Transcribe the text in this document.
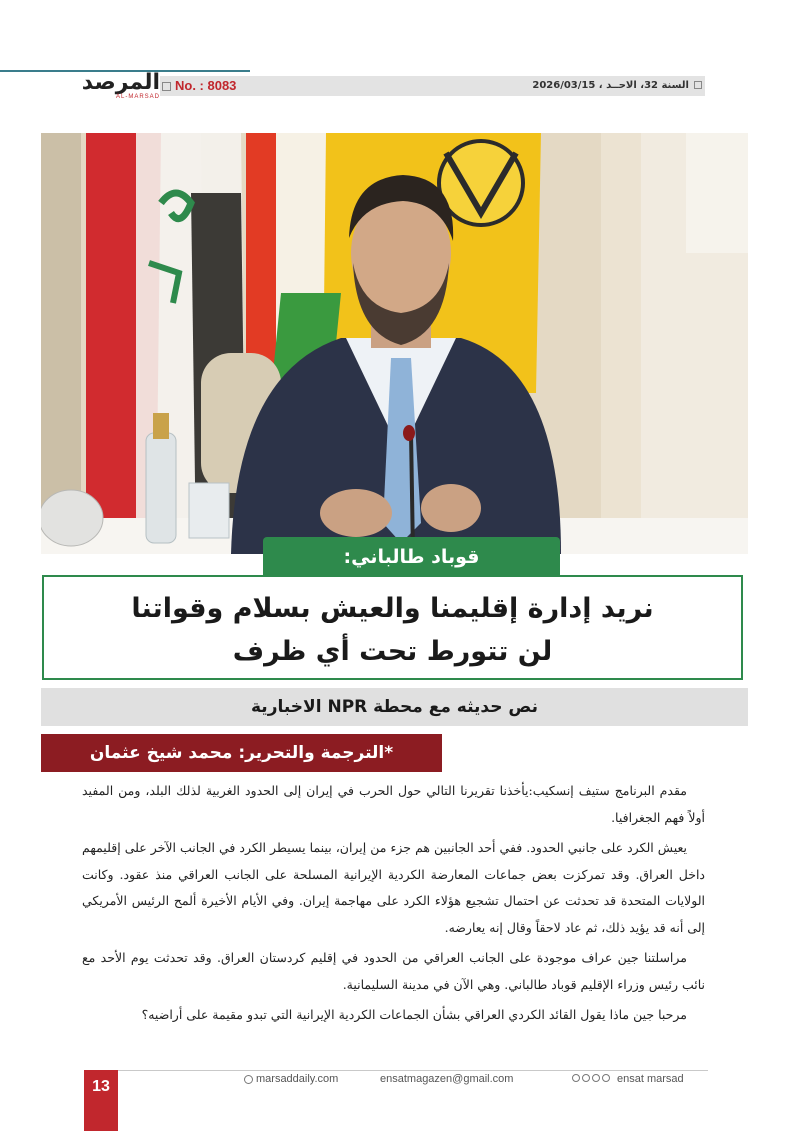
No. : 8083	السنة 32، الاحــد ، 2026/03/15
المرصد
AL-MARSAD
قوباد طالباني:
نريد إدارة إقليمنا والعيش بسلام وقواتنا
لن تتورط تحت أي ظرف
نص حديثه مع محطة NPR الاخبارية
*الترجمة والتحرير: محمد شيخ عثمان

مقدم البرنامج ستيف إنسكيب:يأخذنا تقريرنا التالي حول الحرب في إيران إلى الحدود الغربية لذلك البلد، ومن المفيد أولاً فهم الجغرافيا.

يعيش الكرد على جانبي الحدود. ففي أحد الجانبين هم جزء من إيران، بينما يسيطر الكرد في الجانب الآخر على إقليمهم داخل العراق. وقد تمركزت بعض جماعات المعارضة الكردية الإيرانية المسلحة على الجانب العراقي منذ عقود. وكانت الولايات المتحدة قد تحدثت عن احتمال تشجيع هؤلاء الكرد على مهاجمة إيران. وفي الأيام الأخيرة ألمح الرئيس الأمريكي إلى أنه قد يؤيد ذلك، ثم عاد لاحقاً وقال إنه يعارضه.

مراسلتنا جين عراف موجودة على الجانب العراقي من الحدود في إقليم كردستان العراق. وقد تحدثت يوم الأحد مع نائب رئيس وزراء الإقليم قوباد طالباني. وهي الآن في مدينة السليمانية.

مرحبا جين ماذا يقول القائد الكردي العراقي بشأن الجماعات الكردية الإيرانية التي تبدو مقيمة على أراضيه؟

13	marsaddaily.com	ensatmagazen@gmail.com	ensat marsad
